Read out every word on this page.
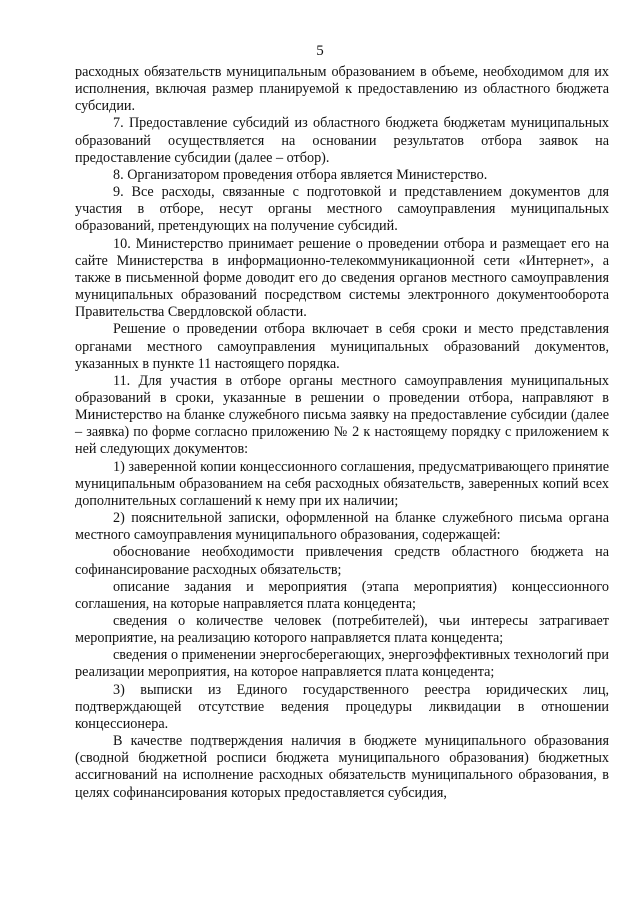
5

расходных обязательств муниципальным образованием в объеме, необходимом для их исполнения, включая размер планируемой к предоставлению из областного бюджета субсидии.

7. Предоставление субсидий из областного бюджета бюджетам муниципальных образований осуществляется на основании результатов отбора заявок на предоставление субсидии (далее – отбор).

8. Организатором проведения отбора является Министерство.

9. Все расходы, связанные с подготовкой и представлением документов для участия в отборе, несут органы местного самоуправления муниципальных образований, претендующих на получение субсидий.

10. Министерство принимает решение о проведении отбора и размещает его на сайте Министерства в информационно-телекоммуникационной сети «Интернет», а также в письменной форме доводит его до сведения органов местного самоуправления муниципальных образований посредством системы электронного документооборота Правительства Свердловской области.

Решение о проведении отбора включает в себя сроки и место представления органами местного самоуправления муниципальных образований документов, указанных в пункте 11 настоящего порядка.

11. Для участия в отборе органы местного самоуправления муниципальных образований в сроки, указанные в решении о проведении отбора, направляют в Министерство на бланке служебного письма заявку на предоставление субсидии (далее – заявка) по форме согласно приложению № 2 к настоящему порядку с приложением к ней следующих документов:

1) заверенной копии концессионного соглашения, предусматривающего принятие муниципальным образованием на себя расходных обязательств, заверенных копий всех дополнительных соглашений к нему при их наличии;

2) пояснительной записки, оформленной на бланке служебного письма органа местного самоуправления муниципального образования, содержащей:

обоснование необходимости привлечения средств областного бюджета на софинансирование расходных обязательств;

описание задания и мероприятия (этапа мероприятия) концессионного соглашения, на которые направляется плата концедента;

сведения о количестве человек (потребителей), чьи интересы затрагивает мероприятие, на реализацию которого направляется плата концедента;

сведения о применении энергосберегающих, энергоэффективных технологий при реализации мероприятия, на которое направляется плата концедента;

3) выписки из Единого государственного реестра юридических лиц, подтверждающей отсутствие ведения процедуры ликвидации в отношении концессионера.

В качестве подтверждения наличия в бюджете муниципального образования (сводной бюджетной росписи бюджета муниципального образования) бюджетных ассигнований на исполнение расходных обязательств муниципального образования, в целях софинансирования которых предоставляется субсидия,
